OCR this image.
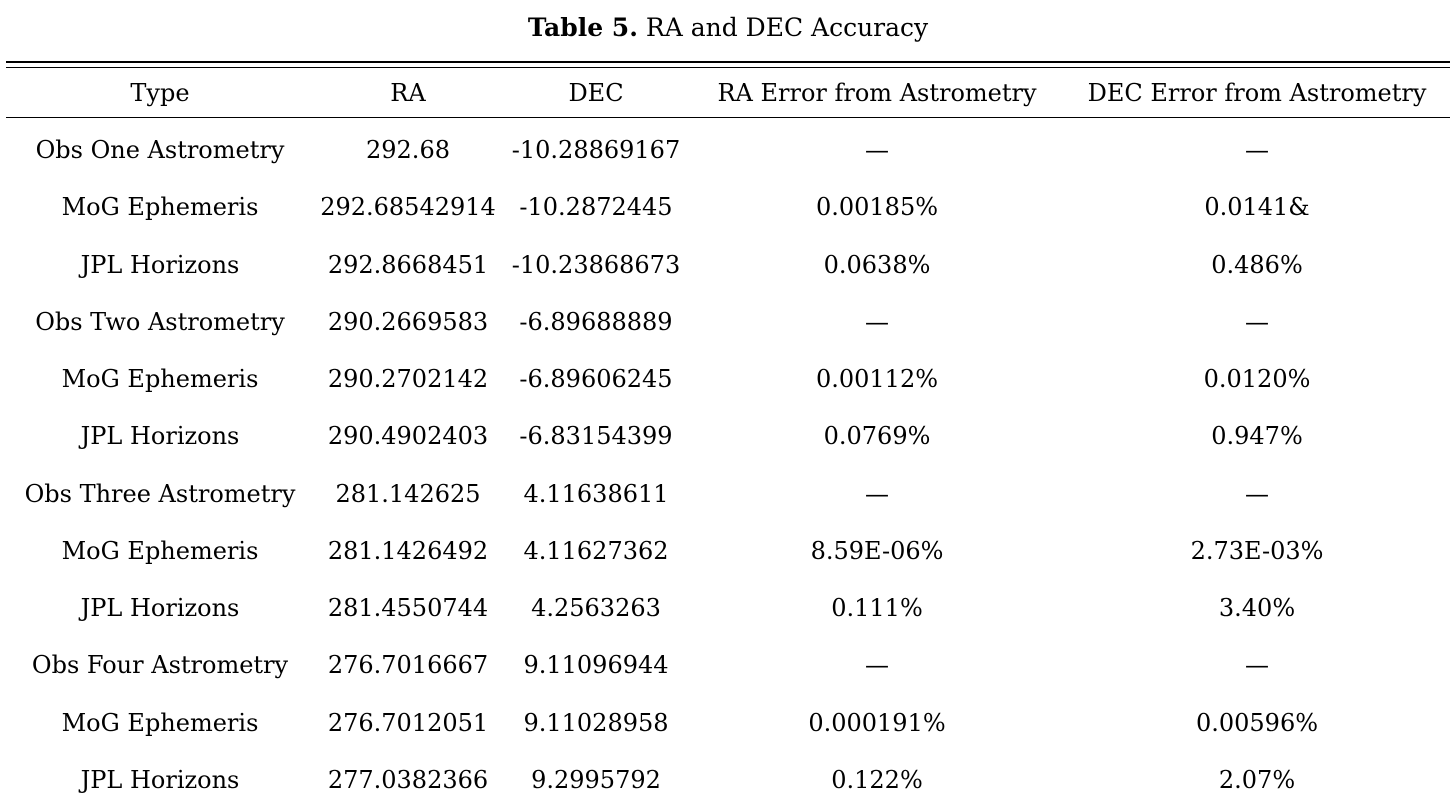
Table 5. RA and DEC Accuracy
Type	RA	DEC	RA Error from Astrometry	DEC Error from Astrometry
Obs One Astrometry	292.68	-10.28869167	—	—
MoG Ephemeris	292.68542914	-10.2872445	0.00185%	0.0141&
JPL Horizons	292.8668451	-10.23868673	0.0638%	0.486%
Obs Two Astrometry	290.2669583	-6.89688889	—	—
MoG Ephemeris	290.2702142	-6.89606245	0.00112%	0.0120%
JPL Horizons	290.4902403	-6.83154399	0.0769%	0.947%
Obs Three Astrometry	281.142625	4.11638611	—	—
MoG Ephemeris	281.1426492	4.11627362	8.59E-06%	2.73E-03%
JPL Horizons	281.4550744	4.2563263	0.111%	3.40%
Obs Four Astrometry	276.7016667	9.11096944	—	—
MoG Ephemeris	276.7012051	9.11028958	0.000191%	0.00596%
JPL Horizons	277.0382366	9.2995792	0.122%	2.07%
